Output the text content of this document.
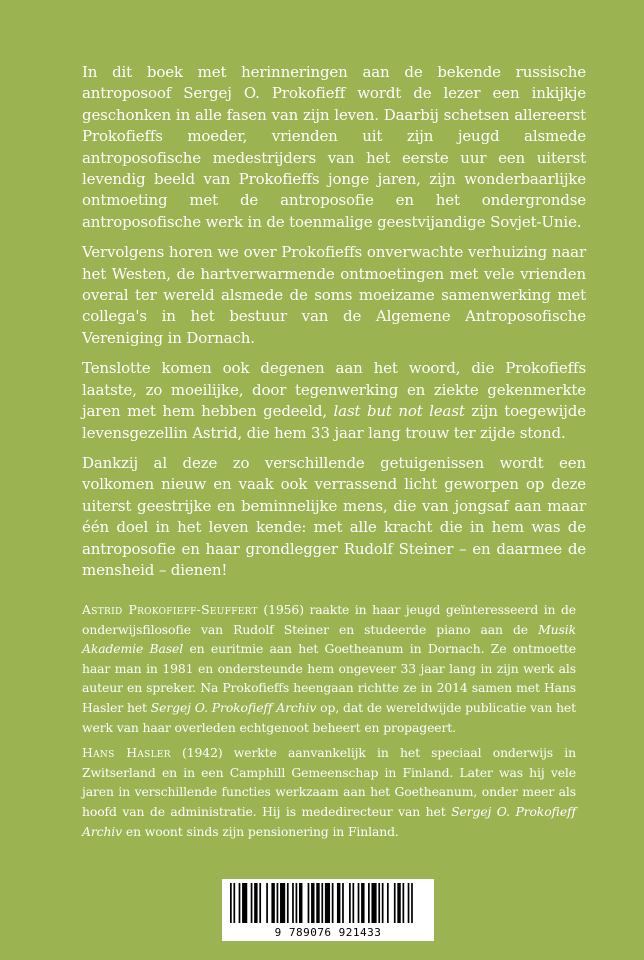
In dit boek met herinneringen aan de bekende russische antroposoof Sergej O. Prokofieff wordt de lezer een inkijkje geschonken in alle fasen van zijn leven. Daarbij schetsen allereerst Prokofieffs moeder, vrienden uit zijn jeugd alsmede antroposofische medestrijders van het eerste uur een uiterst levendig beeld van Prokofieffs jonge jaren, zijn wonderbaarlijke ontmoeting met de antroposofie en het ondergrondse antroposofische werk in de toenmalige geestvijandige Sovjet-Unie.

Vervolgens horen we over Prokofieffs onverwachte verhuizing naar het Westen, de hartverwarmende ontmoetingen met vele vrienden overal ter wereld alsmede de soms moeizame samenwerking met collega's in het bestuur van de Algemene Antroposofische Vereniging in Dornach.

Tenslotte komen ook degenen aan het woord, die Prokofieffs laatste, zo moeilijke, door tegenwerking en ziekte gekenmerkte jaren met hem hebben gedeeld, last but not least zijn toegewijde levensgezellin Astrid, die hem 33 jaar lang trouw ter zijde stond.

Dankzij al deze zo verschillende getuigenissen wordt een volkomen nieuw en vaak ook verrassend licht geworpen op deze uiterst geestrijke en beminnelijke mens, die van jongsaf aan maar één doel in het leven kende: met alle kracht die in hem was de antroposofie en haar grondlegger Rudolf Steiner – en daarmee de mensheid – dienen!

Astrid Prokofieff-Seuffert (1956) raakte in haar jeugd geïnteresseerd in de onderwijsfilosofie van Rudolf Steiner en studeerde piano aan de Musik Akademie Basel en euritmie aan het Goetheanum in Dornach. Ze ontmoette haar man in 1981 en ondersteunde hem ongeveer 33 jaar lang in zijn werk als auteur en spreker. Na Prokofieffs heengaan richtte ze in 2014 samen met Hans Hasler het Sergej O. Prokofieff Archiv op, dat de wereldwijde publicatie van het werk van haar overleden echtgenoot beheert en propageert.

Hans Hasler (1942) werkte aanvankelijk in het speciaal onderwijs in Zwitserland en in een Camphill Gemeenschap in Finland. Later was hij vele jaren in verschillende functies werkzaam aan het Goetheanum, onder meer als hoofd van de administratie. Hij is mededirecteur van het Sergej O. Prokofieff Archiv en woont sinds zijn pensionering in Finland.

9 789076 921433
